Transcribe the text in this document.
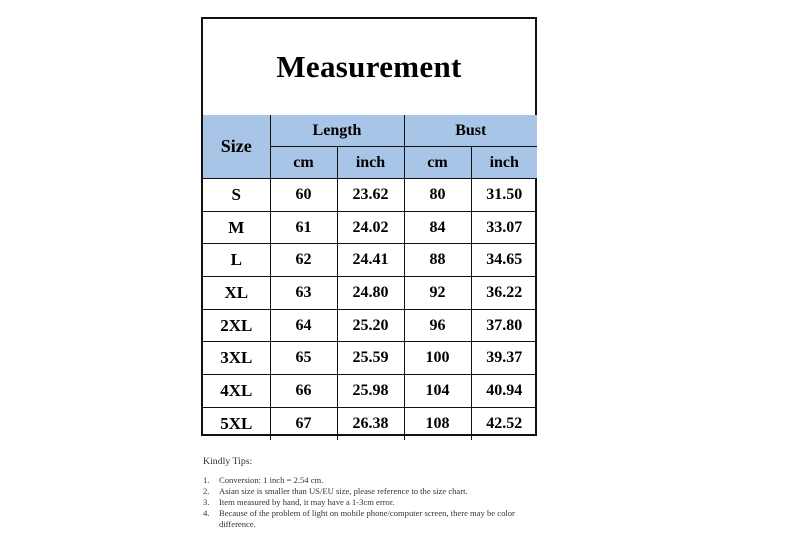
Measurement
Size	Length		Bust	
	cm	inch	cm	inch
S	60	23.62	80	31.50
M	61	24.02	84	33.07
L	62	24.41	88	34.65
XL	63	24.80	92	36.22
2XL	64	25.20	96	37.80
3XL	65	25.59	100	39.37
4XL	66	25.98	104	40.94
5XL	67	26.38	108	42.52
Kindly Tips:
1. Conversion: 1 inch = 2.54 cm.
2. Asian size is smaller than US/EU size, please reference to the size chart.
3. Item measured by hand, it may have a 1-3cm error.
4. Because of the problem of light on mobile phone/computer screen, there may be color difference.
